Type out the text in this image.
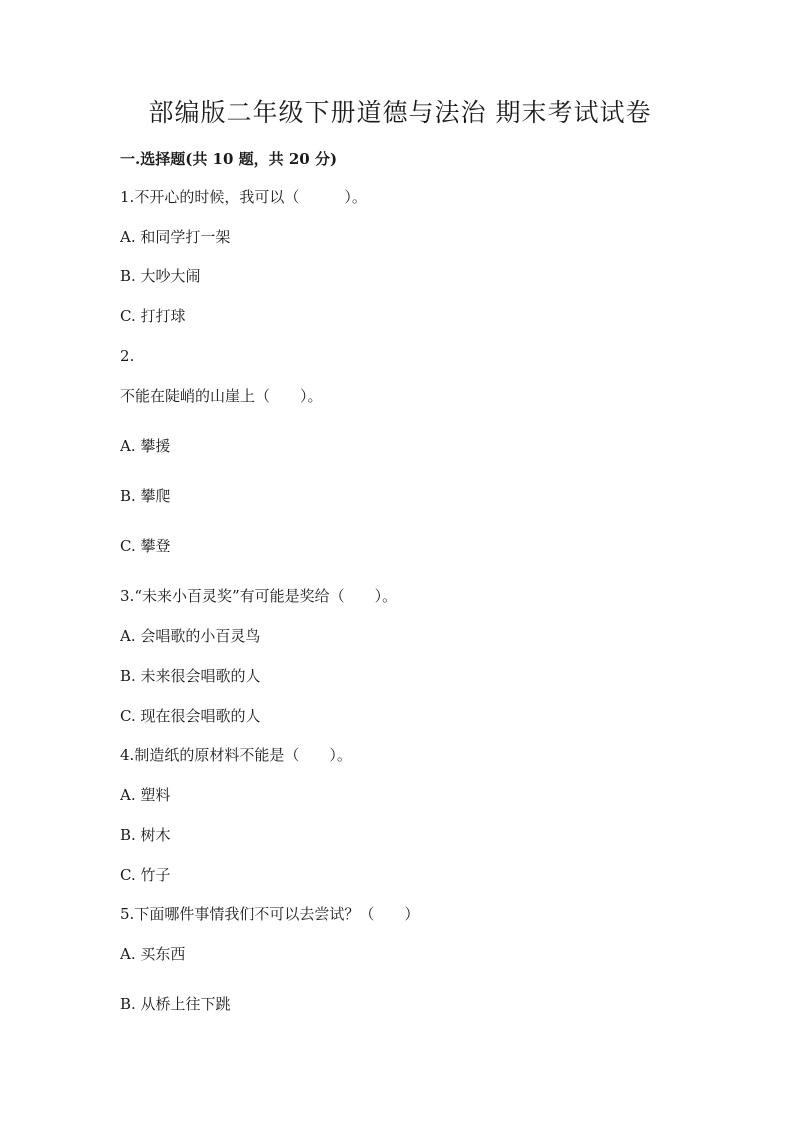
部编版二年级下册道德与法治 期末考试试卷
一.选择题(共 10 题，共 20 分)
1.不开心的时候，我可以（　　　）。
A. 和同学打一架
B. 大吵大闹
C. 打打球
2.
不能在陡峭的山崖上（　　）。
A. 攀援
B. 攀爬
C. 攀登
3.“未来小百灵奖”有可能是奖给（　　）。
A. 会唱歌的小百灵鸟
B. 未来很会唱歌的人
C. 现在很会唱歌的人
4.制造纸的原材料不能是（　　）。
A. 塑料
B. 树木
C. 竹子
5.下面哪件事情我们不可以去尝试？（　　）
A. 买东西
B. 从桥上往下跳
